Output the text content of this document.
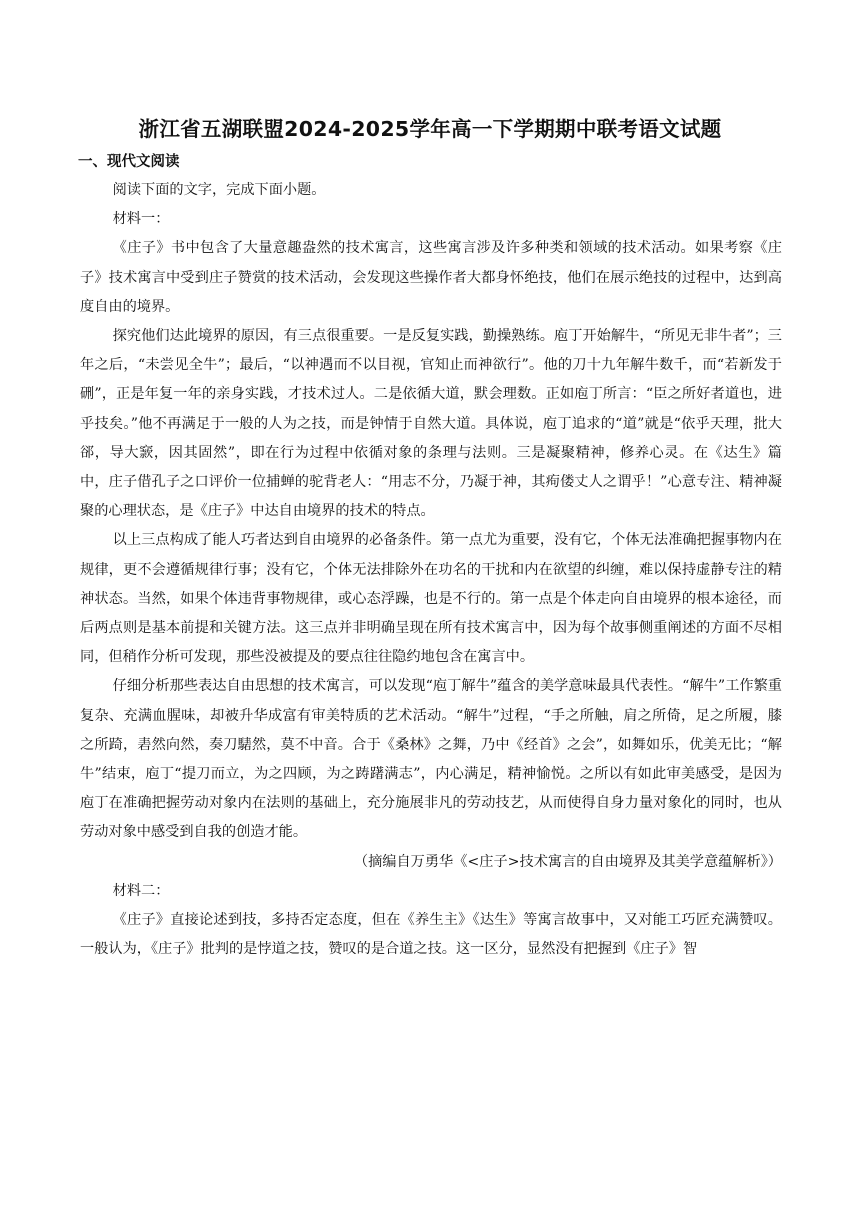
浙江省五湖联盟2024-2025学年高一下学期期中联考语文试题
一、现代文阅读

阅读下面的文字，完成下面小题。

材料一：

《庄子》书中包含了大量意趣盎然的技术寓言，这些寓言涉及许多种类和领域的技术活动。如果考察《庄子》技术寓言中受到庄子赞赏的技术活动，会发现这些操作者大都身怀绝技，他们在展示绝技的过程中，达到高度自由的境界。

探究他们达此境界的原因，有三点很重要。一是反复实践，勤操熟练。庖丁开始解牛，“所见无非牛者”；三年之后，“未尝见全牛”；最后，“以神遇而不以目视，官知止而神欲行”。他的刀十九年解牛数千，而“若新发于硎”，正是年复一年的亲身实践，才技术过人。二是依循大道，默会理数。正如庖丁所言：“臣之所好者道也，进乎技矣。”他不再满足于一般的人为之技，而是钟情于自然大道。具体说，庖丁追求的“道”就是“依乎天理，批大郤，导大窾，因其固然”，即在行为过程中依循对象的条理与法则。三是凝聚精神，修养心灵。在《达生》篇中，庄子借孔子之口评价一位捕蝉的驼背老人：“用志不分，乃凝于神，其痀偻丈人之谓乎！”心意专注、精神凝聚的心理状态，是《庄子》中达自由境界的技术的特点。

以上三点构成了能人巧者达到自由境界的必备条件。第一点尤为重要，没有它，个体无法准确把握事物内在规律，更不会遵循规律行事；没有它，个体无法排除外在功名的干扰和内在欲望的纠缠，难以保持虚静专注的精神状态。当然，如果个体违背事物规律，或心态浮躁，也是不行的。第一点是个体走向自由境界的根本途径，而后两点则是基本前提和关键方法。这三点并非明确呈现在所有技术寓言中，因为每个故事侧重阐述的方面不尽相同，但稍作分析可发现，那些没被提及的要点往往隐约地包含在寓言中。

仔细分析那些表达自由思想的技术寓言，可以发现“庖丁解牛”蕴含的美学意味最具代表性。“解牛”工作繁重复杂、充满血腥味，却被升华成富有审美特质的艺术活动。“解牛”过程，“手之所触，肩之所倚，足之所履，膝之所踦，砉然向然，奏刀騞然，莫不中音。合于《桑林》之舞，乃中《经首》之会”，如舞如乐，优美无比；“解牛”结束，庖丁“提刀而立，为之四顾，为之踌躇满志”，内心满足，精神愉悦。之所以有如此审美感受，是因为庖丁在准确把握劳动对象内在法则的基础上，充分施展非凡的劳动技艺，从而使得自身力量对象化的同时，也从劳动对象中感受到自我的创造才能。

（摘编自万勇华《<庄子>技术寓言的自由境界及其美学意蕴解析》）

材料二：

《庄子》直接论述到技，多持否定态度，但在《养生主》《达生》等寓言故事中，又对能工巧匠充满赞叹。一般认为，《庄子》批判的是悖道之技，赞叹的是合道之技。这一区分，显然没有把握到《庄子》智
